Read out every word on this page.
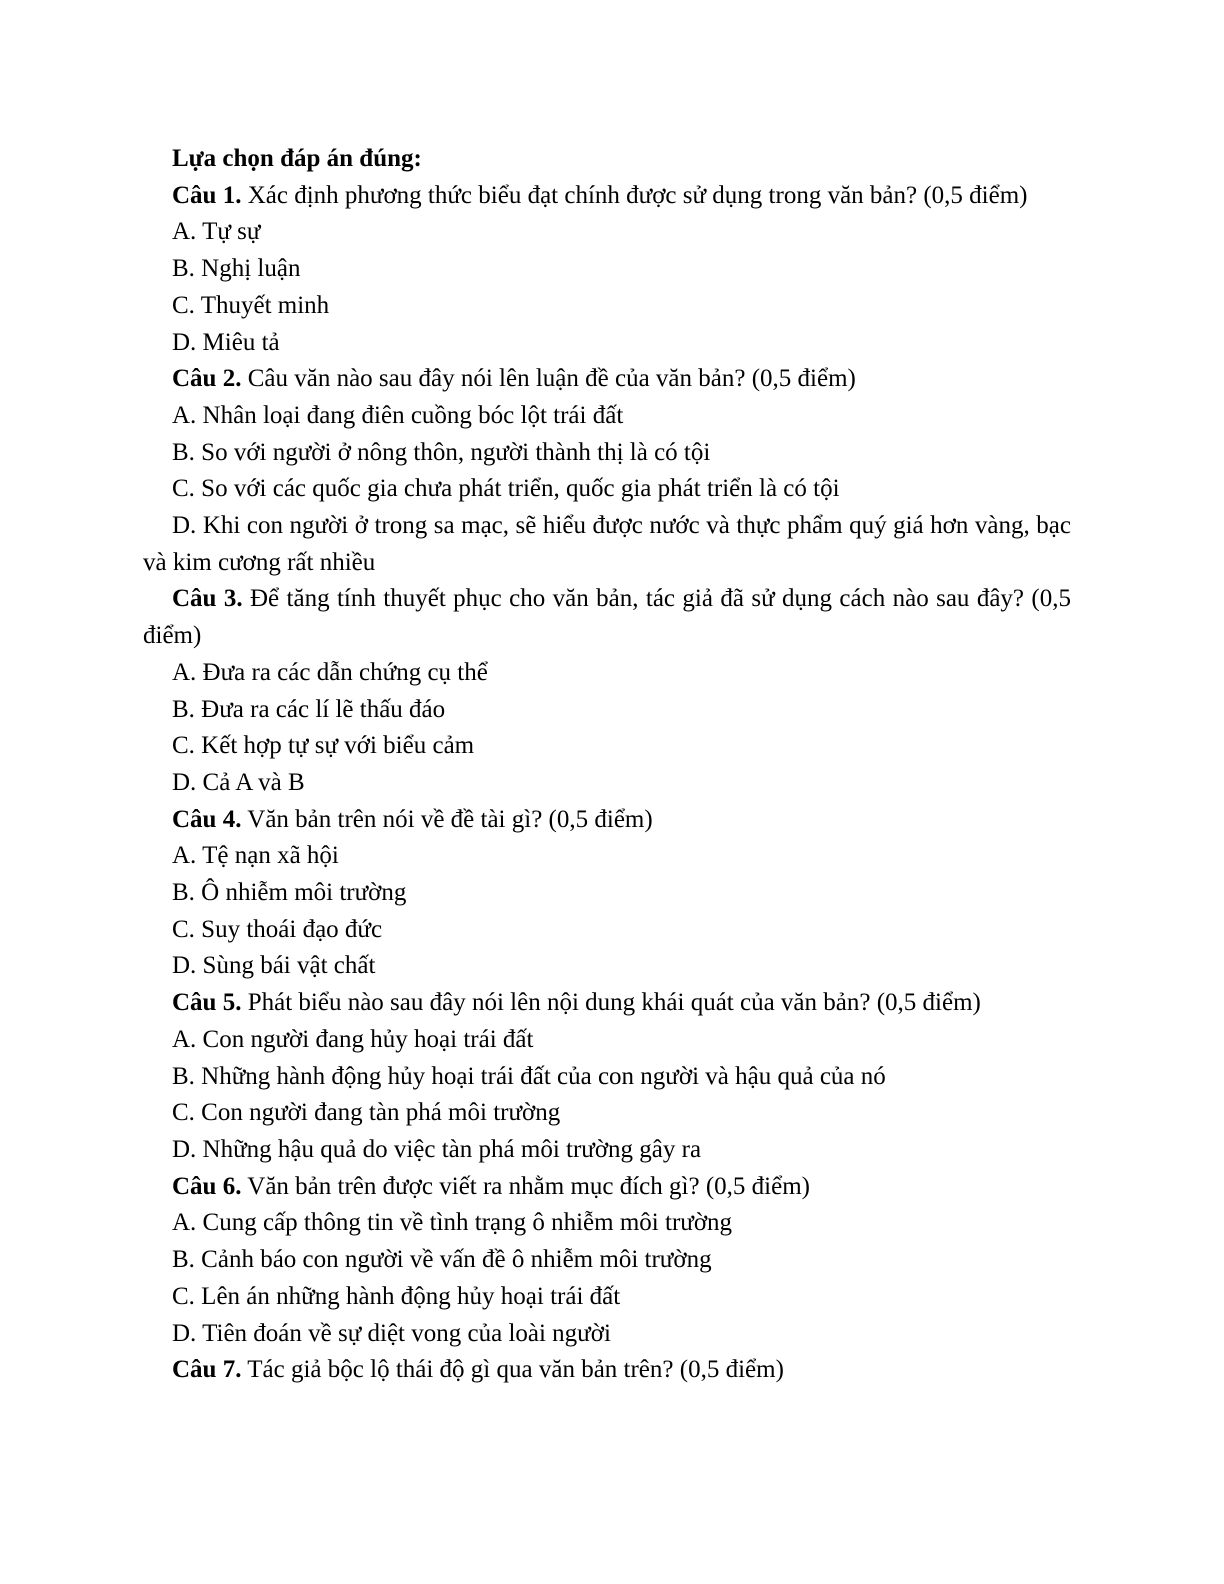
Lựa chọn đáp án đúng:
Câu 1. Xác định phương thức biểu đạt chính được sử dụng trong văn bản? (0,5 điểm)
A. Tự sự
B. Nghị luận
C. Thuyết minh
D. Miêu tả
Câu 2. Câu văn nào sau đây nói lên luận đề của văn bản? (0,5 điểm)
A. Nhân loại đang điên cuồng bóc lột trái đất
B. So với người ở nông thôn, người thành thị là có tội
C. So với các quốc gia chưa phát triển, quốc gia phát triển là có tội
D. Khi con người ở trong sa mạc, sẽ hiểu được nước và thực phẩm quý giá hơn vàng, bạc và kim cương rất nhiều
Câu 3. Để tăng tính thuyết phục cho văn bản, tác giả đã sử dụng cách nào sau đây? (0,5 điểm)
A. Đưa ra các dẫn chứng cụ thể
B. Đưa ra các lí lẽ thấu đáo
C. Kết hợp tự sự với biểu cảm
D. Cả A và B
Câu 4. Văn bản trên nói về đề tài gì? (0,5 điểm)
A. Tệ nạn xã hội
B. Ô nhiễm môi trường
C. Suy thoái đạo đức
D. Sùng bái vật chất
Câu 5. Phát biểu nào sau đây nói lên nội dung khái quát của văn bản? (0,5 điểm)
A. Con người đang hủy hoại trái đất
B. Những hành động hủy hoại trái đất của con người và hậu quả của nó
C. Con người đang tàn phá môi trường
D. Những hậu quả do việc tàn phá môi trường gây ra
Câu 6. Văn bản trên được viết ra nhằm mục đích gì? (0,5 điểm)
A. Cung cấp thông tin về tình trạng ô nhiễm môi trường
B. Cảnh báo con người về vấn đề ô nhiễm môi trường
C. Lên án những hành động hủy hoại trái đất
D. Tiên đoán về sự diệt vong của loài người
Câu 7. Tác giả bộc lộ thái độ gì qua văn bản trên? (0,5 điểm)
